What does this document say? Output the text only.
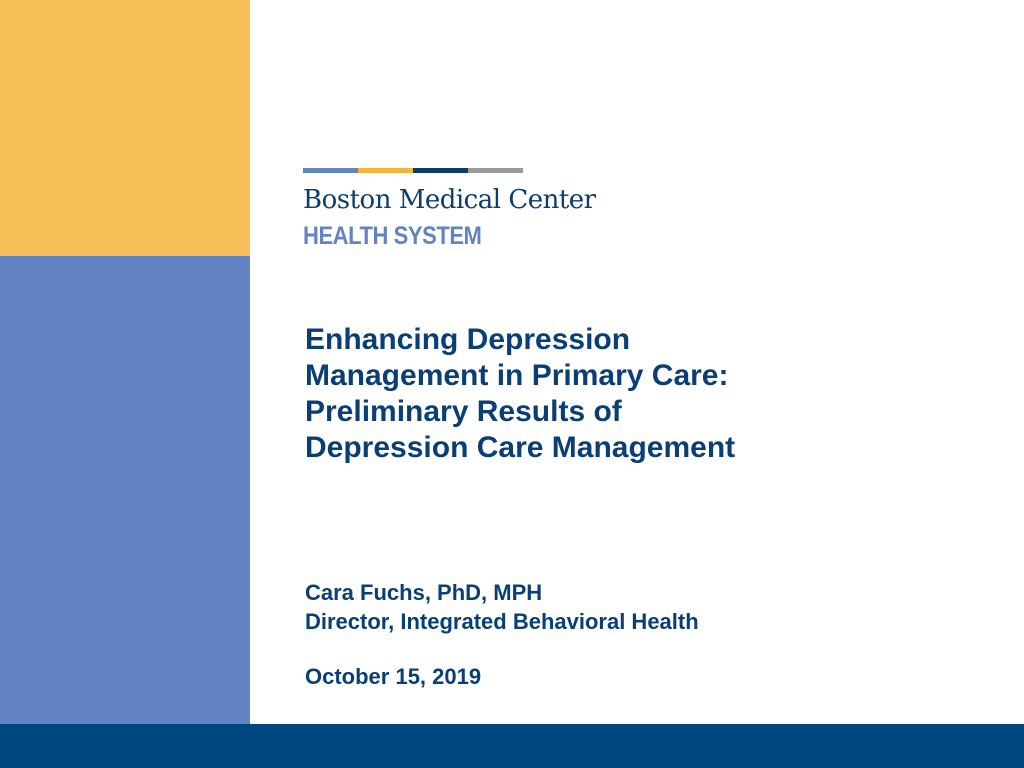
Boston Medical Center
HEALTH SYSTEM
Enhancing Depression
Management in Primary Care:
Preliminary Results of
Depression Care Management
Cara Fuchs, PhD, MPH
Director, Integrated Behavioral Health
October 15, 2019
